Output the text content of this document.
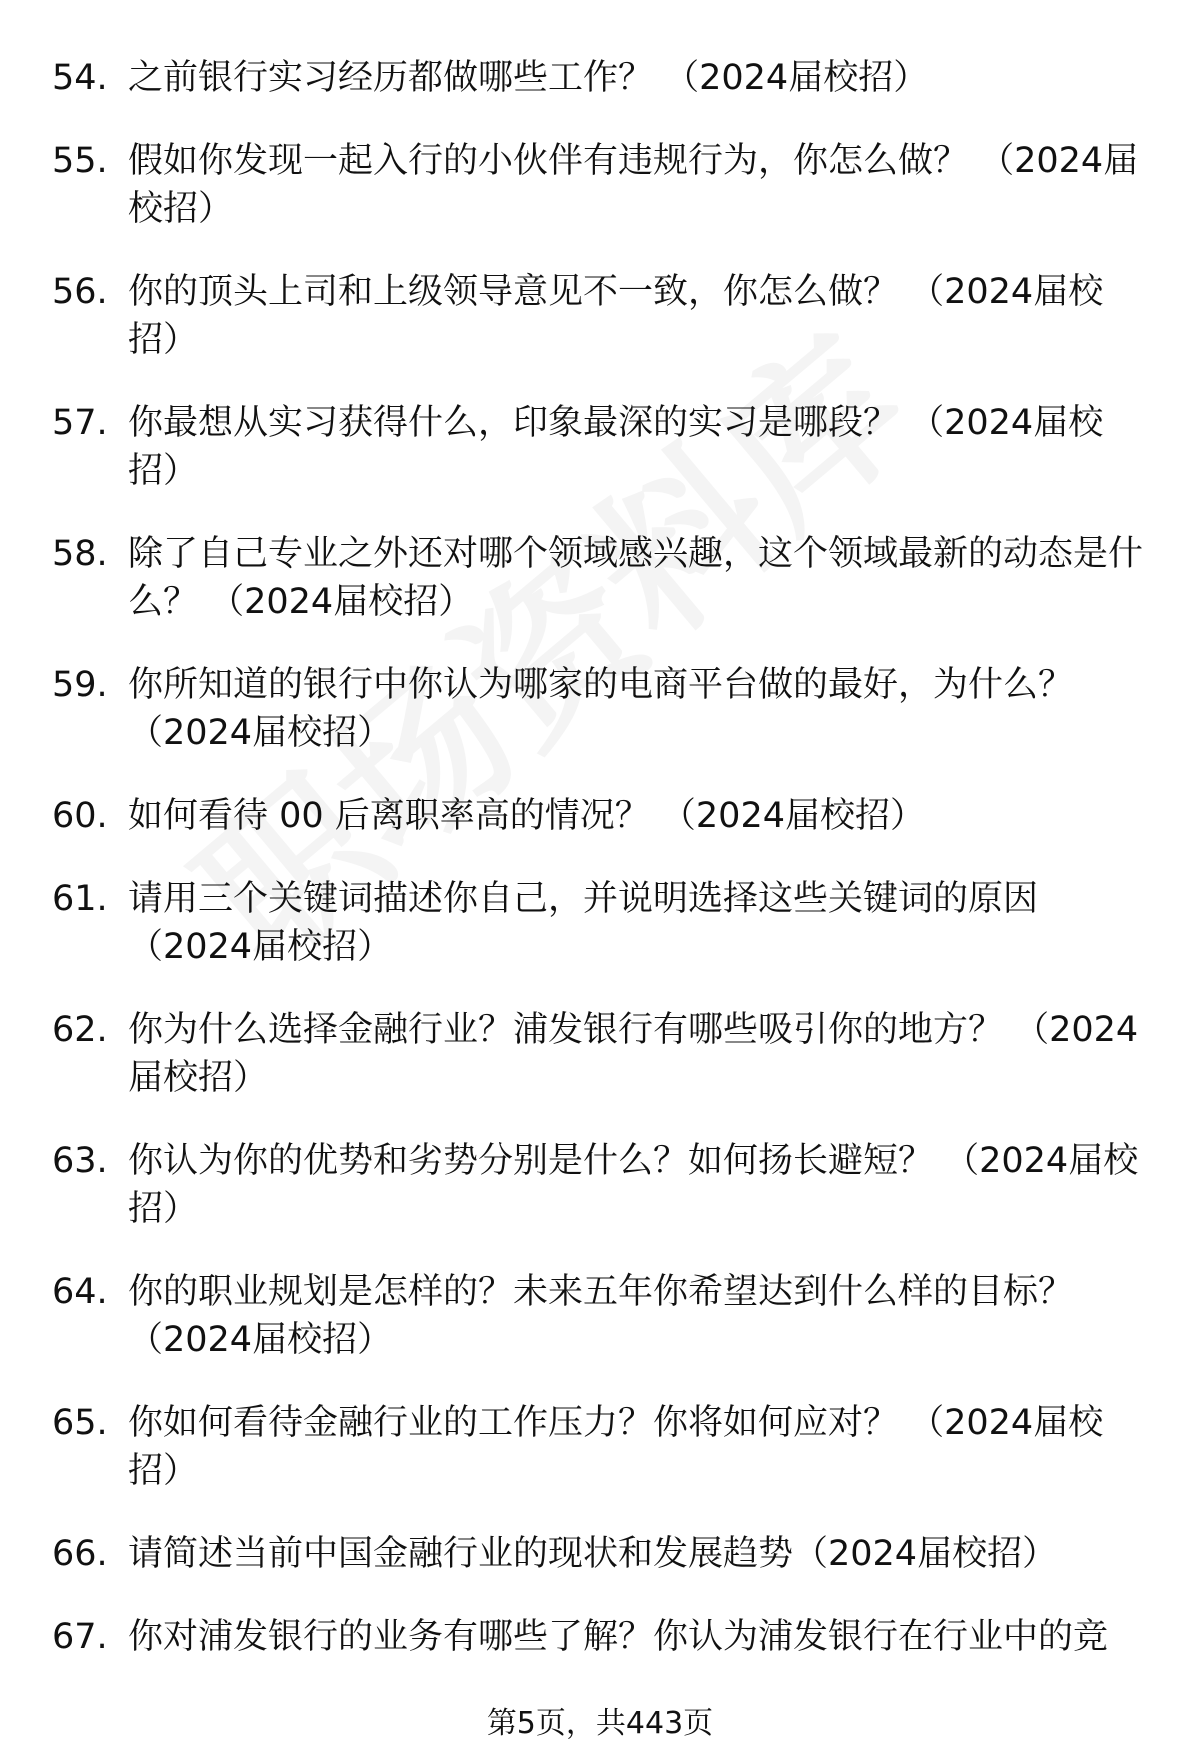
54. 之前银行实习经历都做哪些工作？ （2024届校招）
55. 假如你发现一起入行的小伙伴有违规行为，你怎么做？ （2024届校招）
56. 你的顶头上司和上级领导意见不一致，你怎么做？ （2024届校招）
57. 你最想从实习获得什么，印象最深的实习是哪段？ （2024届校招）
58. 除了自己专业之外还对哪个领域感兴趣，这个领域最新的动态是什么？ （2024届校招）
59. 你所知道的银行中你认为哪家的电商平台做的最好，为什么？ （2024届校招）
60. 如何看待 00 后离职率高的情况？ （2024届校招）
61. 请用三个关键词描述你自己，并说明选择这些关键词的原因 （2024届校招）
62. 你为什么选择金融行业？浦发银行有哪些吸引你的地方？ （2024届校招）
63. 你认为你的优势和劣势分别是什么？如何扬长避短？ （2024届校招）
64. 你的职业规划是怎样的？未来五年你希望达到什么样的目标？ （2024届校招）
65. 你如何看待金融行业的工作压力？你将如何应对？ （2024届校招）
66. 请简述当前中国金融行业的现状和发展趋势（2024届校招）
67. 你对浦发银行的业务有哪些了解？你认为浦发银行在行业中的竞
第5页，共443页
